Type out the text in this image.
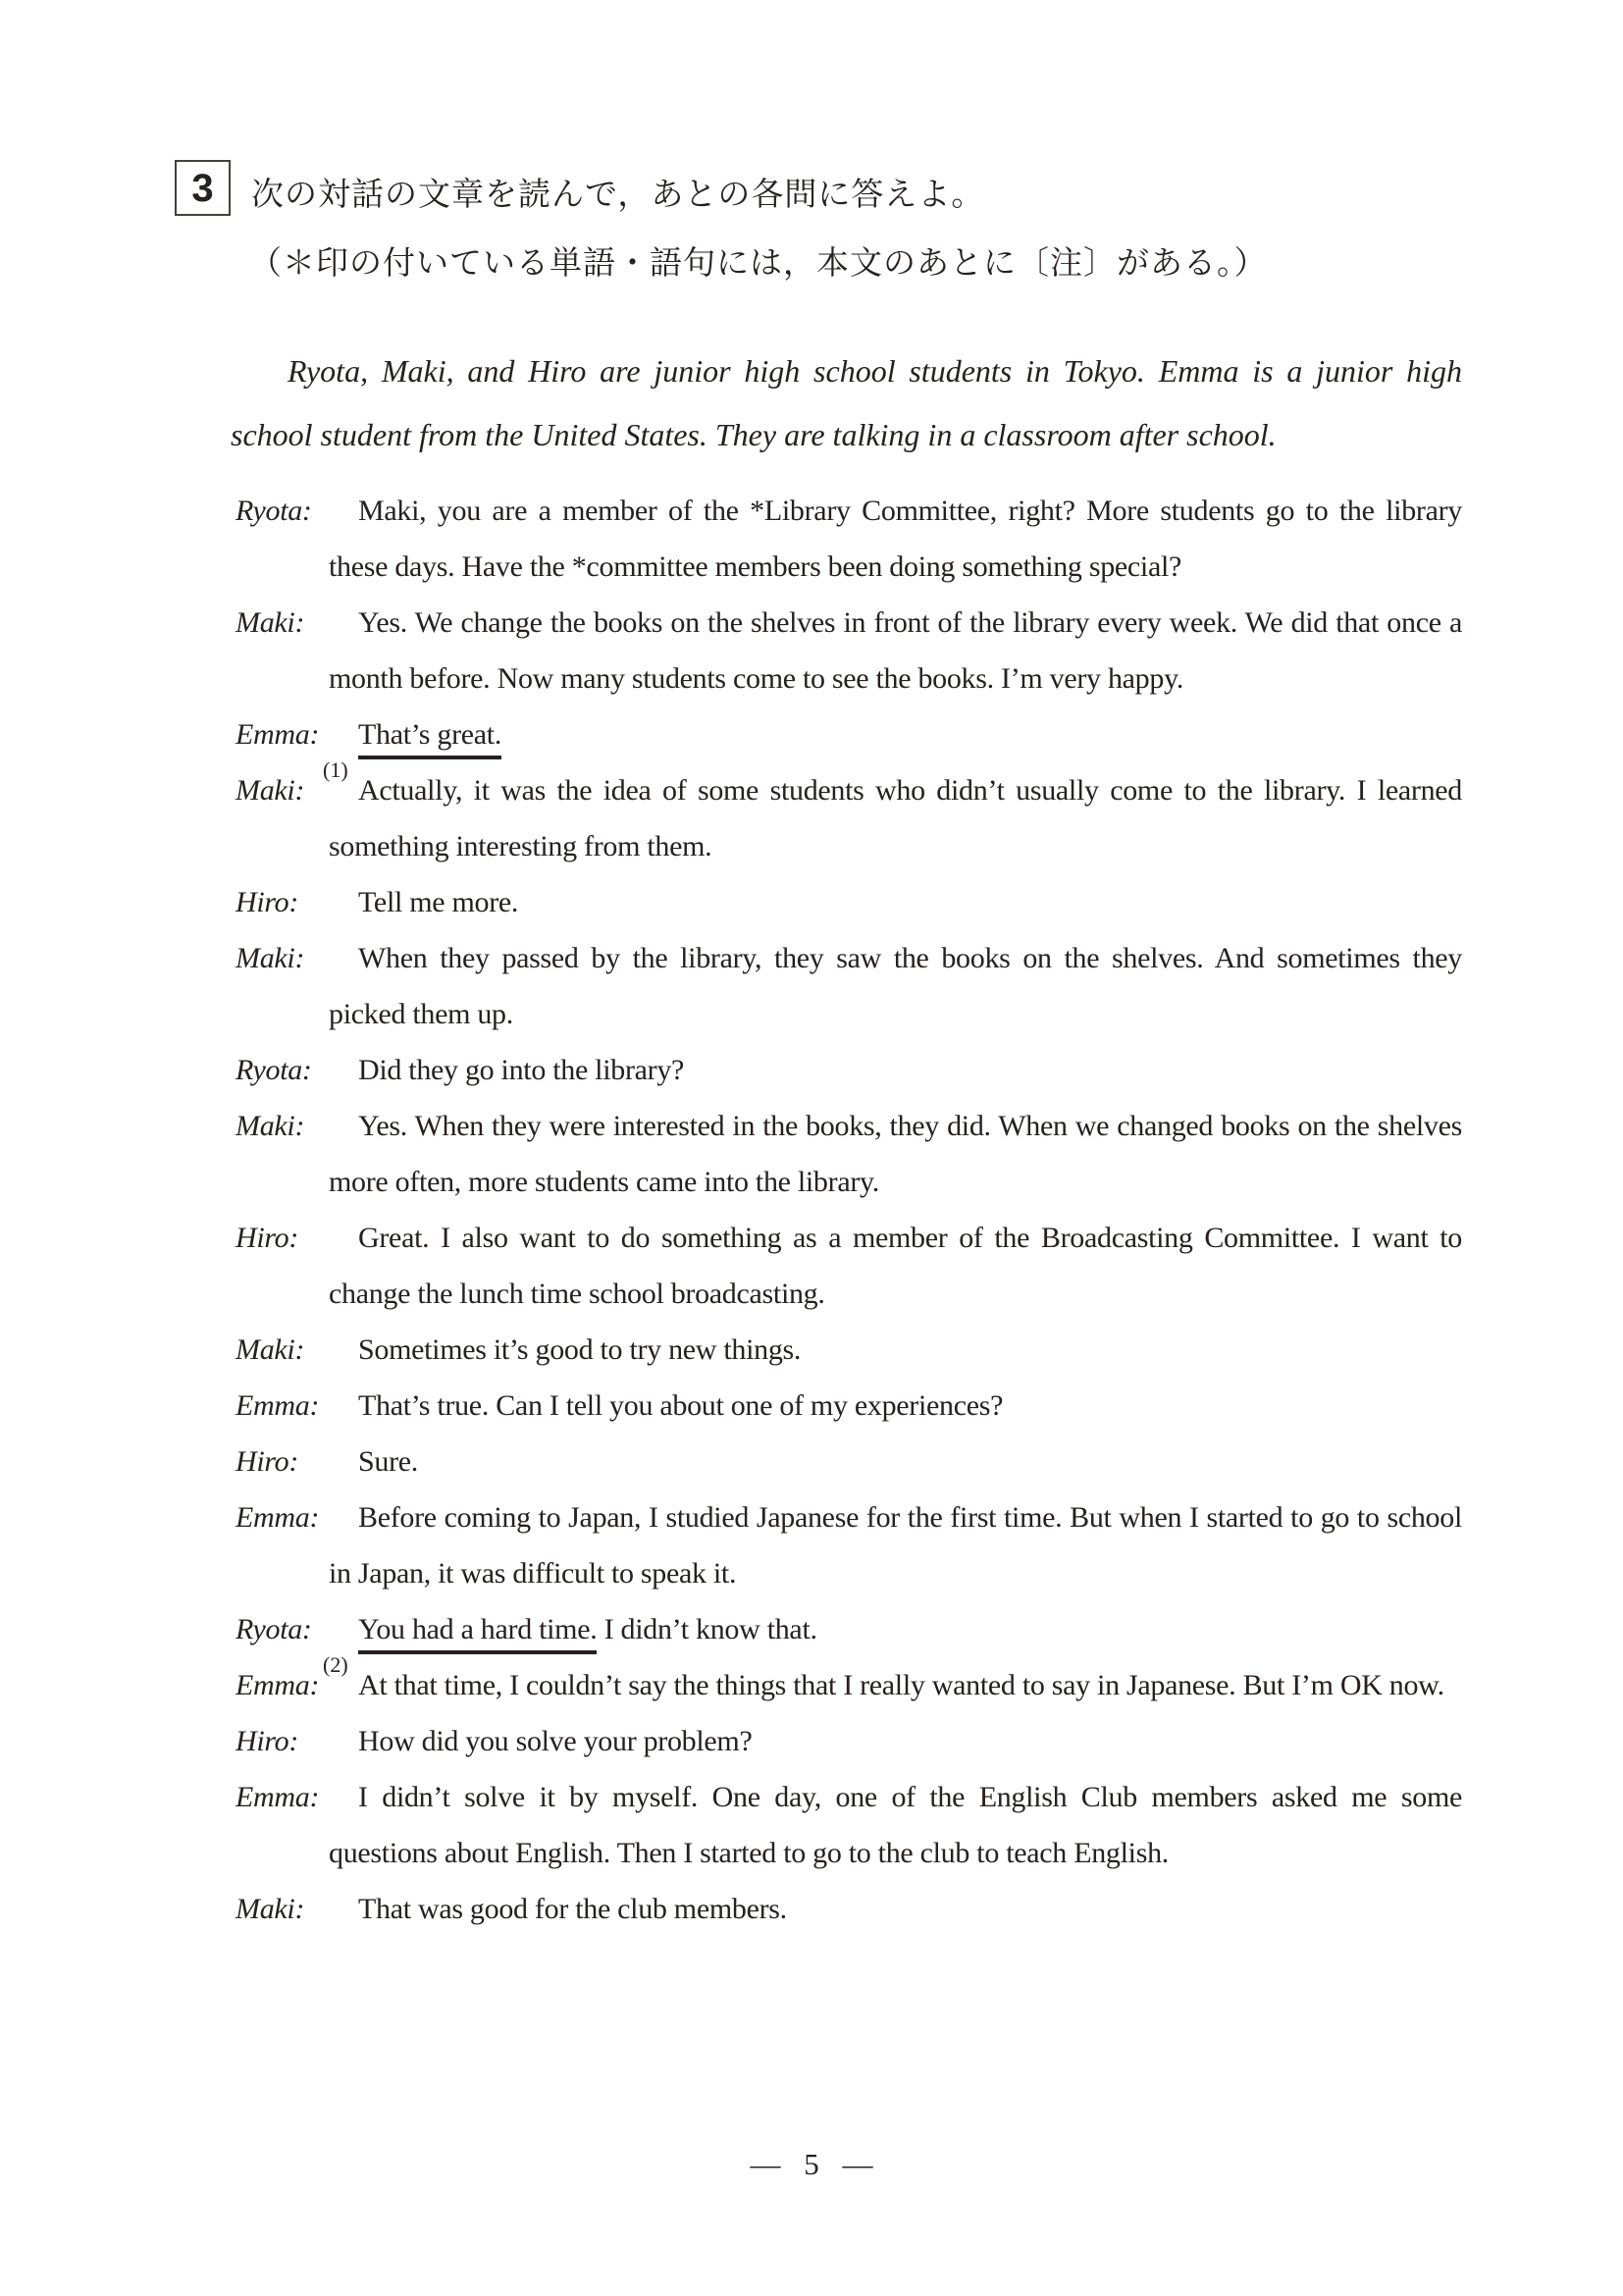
3	次の対話の文章を読んで，あとの各問に答えよ。
（＊印の付いている単語・語句には，本文のあとに〔注〕がある。）
Ryota, Maki, and Hiro are junior high school students in Tokyo. Emma is a junior high school student from the United States. They are talking in a classroom after school.
Ryota: Maki, you are a member of the *Library Committee, right? More students go to the library these days. Have the *committee members been doing something special?
Maki: Yes. We change the books on the shelves in front of the library every week. We did that once a month before. Now many students come to see the books. I’m very happy.
Emma: That’s great.
(1)
Maki: Actually, it was the idea of some students who didn’t usually come to the library. I learned something interesting from them.
Hiro: Tell me more.
Maki: When they passed by the library, they saw the books on the shelves. And sometimes they picked them up.
Ryota: Did they go into the library?
Maki: Yes. When they were interested in the books, they did. When we changed books on the shelves more often, more students came into the library.
Hiro: Great. I also want to do something as a member of the Broadcasting Committee. I want to change the lunch time school broadcasting.
Maki: Sometimes it’s good to try new things.
Emma: That’s true. Can I tell you about one of my experiences?
Hiro: Sure.
Emma: Before coming to Japan, I studied Japanese for the first time. But when I started to go to school in Japan, it was difficult to speak it.
Ryota: You had a hard time.
(2)
I didn’t know that.
Emma: At that time, I couldn’t say the things that I really wanted to say in Japanese. But I’m OK now.
Hiro: How did you solve your problem?
Emma: I didn’t solve it by myself. One day, one of the English Club members asked me some questions about English. Then I started to go to the club to teach English.
Maki: That was good for the club members.
— 5 —
